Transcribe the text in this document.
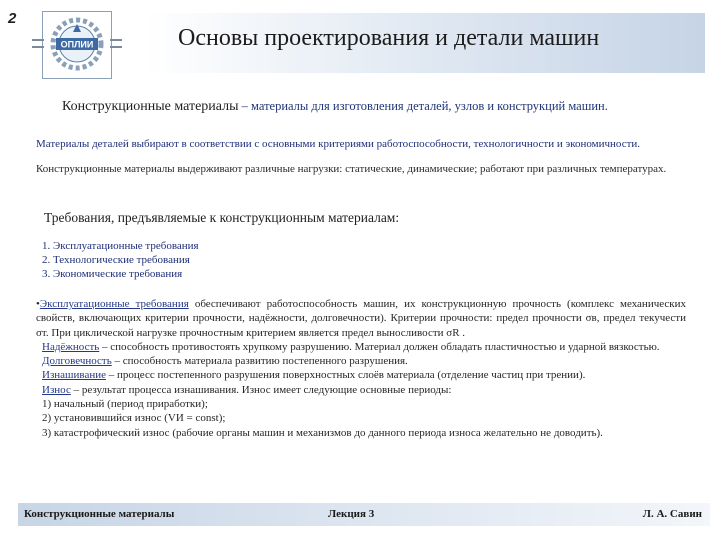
2
ОПЛИИ	Основы проектирования и детали машин
Конструкционные материалы – материалы для изготовления деталей, узлов и конструкций машин.
Материалы деталей выбирают в соответствии с основными критериями работоспособности, технологичности и экономичности.
Конструкционные материалы выдерживают различные нагрузки: статические, динамические; работают при различных температурах.
Требования, предъявляемые к конструкционным материалам:
1. Эксплуатационные требования
2. Технологические требования
3. Экономические требования

•Эксплуатационные требования обеспечивают работоспособность машин, их конструкционную прочность (комплекс механических свойств, включающих критерии прочности, надёжности, долговечности). Критерии прочности: предел прочности σв, предел текучести σт. При циклической нагрузке прочностным критерием является предел выносливости σR .

Надёжность – способность противостоять хрупкому разрушению. Материал должен обладать пластичностью и ударной вязкостью.

Долговечность – способность материала развитию постепенного разрушения.

Изнашивание – процесс постепенного разрушения поверхностных слоёв материала (отделение частиц при трении).

Износ – результат процесса изнашивания. Износ имеет следующие основные периоды:

1) начальный (период приработки);

2) установившийся износ (VИ = const);

3) катастрофический износ (рабочие органы машин и механизмов до данного периода износа желательно не доводить).

Конструкционные материалы	Лекция 3	Л. А. Савин
